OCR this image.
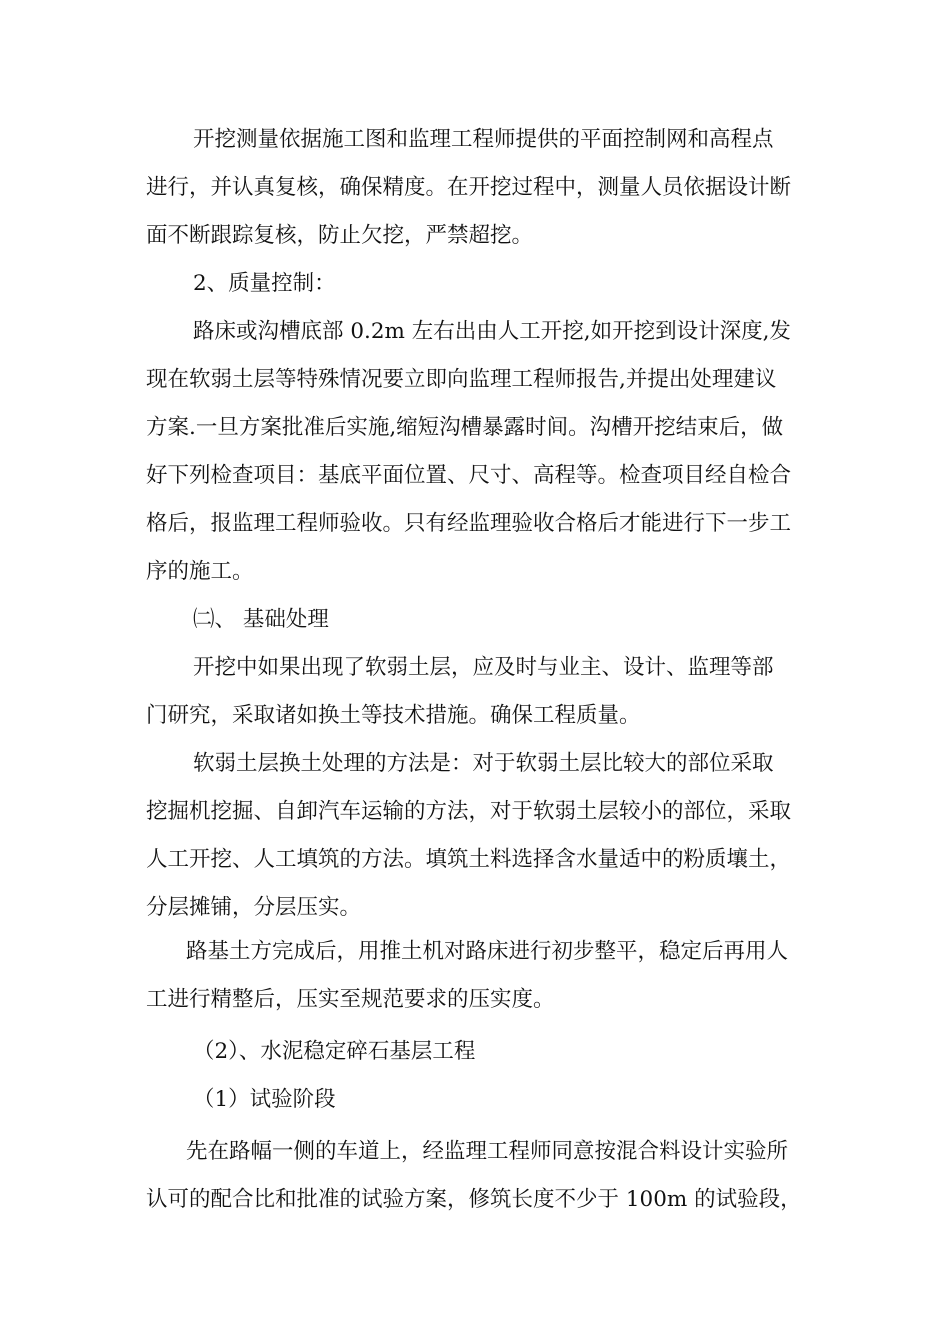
开挖测量依据施工图和监理工程师提供的平面控制网和高程点
进行，并认真复核，确保精度。在开挖过程中，测量人员依据设计断
面不断跟踪复核，防止欠挖，严禁超挖。
2、质量控制：
路床或沟槽底部 0.2m 左右出由人工开挖,如开挖到设计深度,发
现在软弱土层等特殊情况要立即向监理工程师报告,并提出处理建议
方案.一旦方案批准后实施,缩短沟槽暴露时间。沟槽开挖结束后，做
好下列检查项目：基底平面位置、尺寸、高程等。检查项目经自检合
格后，报监理工程师验收。只有经监理验收合格后才能进行下一步工
序的施工。
㈡、 基础处理
开挖中如果出现了软弱土层，应及时与业主、设计、监理等部
门研究，采取诸如换土等技术措施。确保工程质量。
软弱土层换土处理的方法是：对于软弱土层比较大的部位采取
挖掘机挖掘、自卸汽车运输的方法，对于软弱土层较小的部位，采取
人工开挖、人工填筑的方法。填筑土料选择含水量适中的粉质壤土，
分层摊铺，分层压实。
路基土方完成后，用推土机对路床进行初步整平，稳定后再用人
工进行精整后，压实至规范要求的压实度。
（2）、水泥稳定碎石基层工程
（1）试验阶段
先在路幅一侧的车道上，经监理工程师同意按混合料设计实验所
认可的配合比和批准的试验方案，修筑长度不少于 100m 的试验段，
